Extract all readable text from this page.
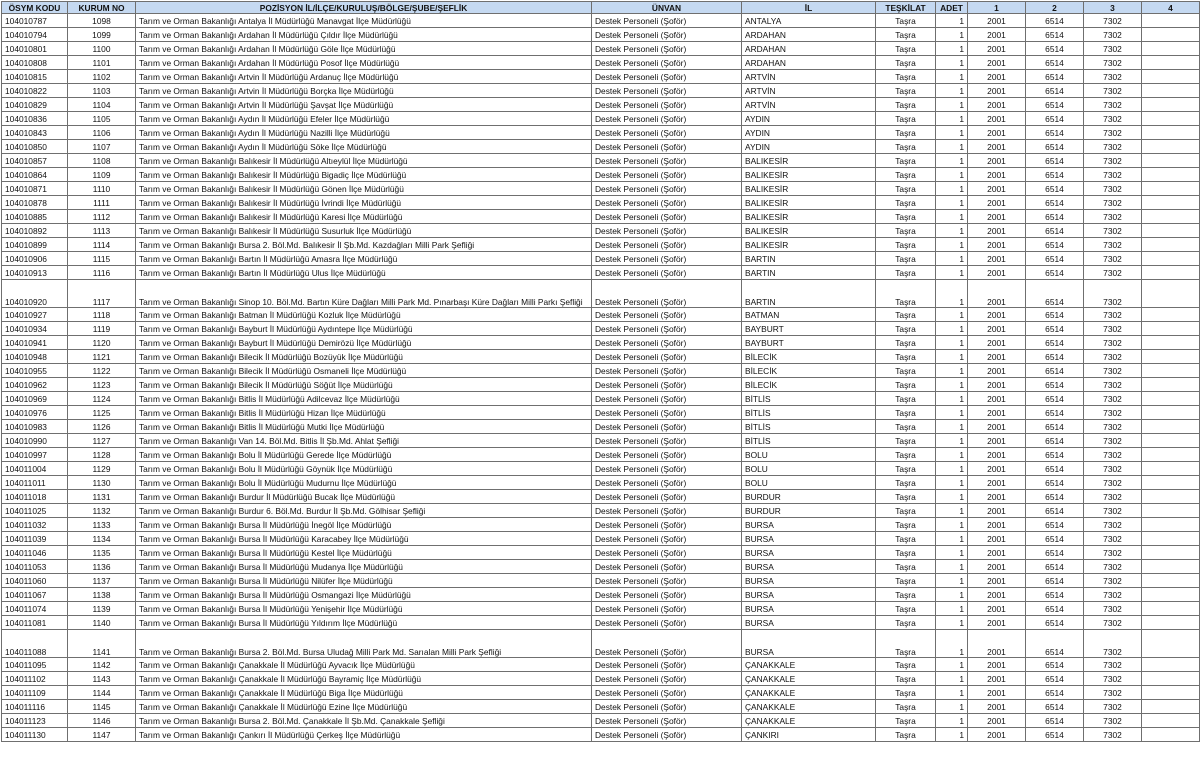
ÖSYM KODU	KURUM NO	POZİSYON İL/İLÇE/KURULUŞ/BÖLGE/ŞUBE/ŞEFLİK	ÜNVAN	İL	TEŞKİLAT	ADET	1	2	3	4
104010787	1098	Tarım ve Orman Bakanlığı Antalya İl Müdürlüğü Manavgat İlçe Müdürlüğü	Destek Personeli (Şoför)	ANTALYA	Taşra	1	2001	6514	7302	
104010794	1099	Tarım ve Orman Bakanlığı Ardahan İl Müdürlüğü Çıldır İlçe Müdürlüğü	Destek Personeli (Şoför)	ARDAHAN	Taşra	1	2001	6514	7302	
104010801	1100	Tarım ve Orman Bakanlığı Ardahan İl Müdürlüğü Göle İlçe Müdürlüğü	Destek Personeli (Şoför)	ARDAHAN	Taşra	1	2001	6514	7302	
104010808	1101	Tarım ve Orman Bakanlığı Ardahan İl Müdürlüğü Posof İlçe Müdürlüğü	Destek Personeli (Şoför)	ARDAHAN	Taşra	1	2001	6514	7302	
104010815	1102	Tarım ve Orman Bakanlığı Artvin İl Müdürlüğü Ardanuç İlçe Müdürlüğü	Destek Personeli (Şoför)	ARTVİN	Taşra	1	2001	6514	7302	
104010822	1103	Tarım ve Orman Bakanlığı Artvin İl Müdürlüğü Borçka İlçe Müdürlüğü	Destek Personeli (Şoför)	ARTVİN	Taşra	1	2001	6514	7302	
104010829	1104	Tarım ve Orman Bakanlığı Artvin İl Müdürlüğü Şavşat İlçe Müdürlüğü	Destek Personeli (Şoför)	ARTVİN	Taşra	1	2001	6514	7302	
104010836	1105	Tarım ve Orman Bakanlığı Aydın İl Müdürlüğü Efeler İlçe Müdürlüğü	Destek Personeli (Şoför)	AYDIN	Taşra	1	2001	6514	7302	
104010843	1106	Tarım ve Orman Bakanlığı Aydın İl Müdürlüğü Nazilli İlçe Müdürlüğü	Destek Personeli (Şoför)	AYDIN	Taşra	1	2001	6514	7302	
104010850	1107	Tarım ve Orman Bakanlığı Aydın İl Müdürlüğü Söke İlçe Müdürlüğü	Destek Personeli (Şoför)	AYDIN	Taşra	1	2001	6514	7302	
104010857	1108	Tarım ve Orman Bakanlığı Balıkesir İl Müdürlüğü Altıeylül İlçe Müdürlüğü	Destek Personeli (Şoför)	BALIKESİR	Taşra	1	2001	6514	7302	
104010864	1109	Tarım ve Orman Bakanlığı Balıkesir İl Müdürlüğü Bigadiç İlçe Müdürlüğü	Destek Personeli (Şoför)	BALIKESİR	Taşra	1	2001	6514	7302	
104010871	1110	Tarım ve Orman Bakanlığı Balıkesir İl Müdürlüğü Gönen İlçe Müdürlüğü	Destek Personeli (Şoför)	BALIKESİR	Taşra	1	2001	6514	7302	
104010878	1111	Tarım ve Orman Bakanlığı Balıkesir İl Müdürlüğü İvrindi İlçe Müdürlüğü	Destek Personeli (Şoför)	BALIKESİR	Taşra	1	2001	6514	7302	
104010885	1112	Tarım ve Orman Bakanlığı Balıkesir İl Müdürlüğü Karesi İlçe Müdürlüğü	Destek Personeli (Şoför)	BALIKESİR	Taşra	1	2001	6514	7302	
104010892	1113	Tarım ve Orman Bakanlığı Balıkesir İl Müdürlüğü Susurluk İlçe Müdürlüğü	Destek Personeli (Şoför)	BALIKESİR	Taşra	1	2001	6514	7302	
104010899	1114	Tarım ve Orman Bakanlığı Bursa 2. Böl.Md. Balıkesir İl Şb.Md. Kazdağları Milli Park Şefliği	Destek Personeli (Şoför)	BALIKESİR	Taşra	1	2001	6514	7302	
104010906	1115	Tarım ve Orman Bakanlığı Bartın İl Müdürlüğü Amasra İlçe Müdürlüğü	Destek Personeli (Şoför)	BARTIN	Taşra	1	2001	6514	7302	
104010913	1116	Tarım ve Orman Bakanlığı Bartın İl Müdürlüğü Ulus İlçe Müdürlüğü	Destek Personeli (Şoför)	BARTIN	Taşra	1	2001	6514	7302	
104010920	1117	Tarım ve Orman Bakanlığı Sinop 10. Böl.Md. Bartın Küre Dağları Milli Park Md. Pınarbaşı Küre Dağları Milli Parkı Şefliği	Destek Personeli (Şoför)	BARTIN	Taşra	1	2001	6514	7302	
104010927	1118	Tarım ve Orman Bakanlığı Batman İl Müdürlüğü Kozluk İlçe Müdürlüğü	Destek Personeli (Şoför)	BATMAN	Taşra	1	2001	6514	7302	
104010934	1119	Tarım ve Orman Bakanlığı Bayburt İl Müdürlüğü Aydıntepe İlçe Müdürlüğü	Destek Personeli (Şoför)	BAYBURT	Taşra	1	2001	6514	7302	
104010941	1120	Tarım ve Orman Bakanlığı Bayburt İl Müdürlüğü Demirözü İlçe Müdürlüğü	Destek Personeli (Şoför)	BAYBURT	Taşra	1	2001	6514	7302	
104010948	1121	Tarım ve Orman Bakanlığı Bilecik İl Müdürlüğü Bozüyük İlçe Müdürlüğü	Destek Personeli (Şoför)	BİLECİK	Taşra	1	2001	6514	7302	
104010955	1122	Tarım ve Orman Bakanlığı Bilecik İl Müdürlüğü Osmaneli İlçe Müdürlüğü	Destek Personeli (Şoför)	BİLECİK	Taşra	1	2001	6514	7302	
104010962	1123	Tarım ve Orman Bakanlığı Bilecik İl Müdürlüğü Söğüt İlçe Müdürlüğü	Destek Personeli (Şoför)	BİLECİK	Taşra	1	2001	6514	7302	
104010969	1124	Tarım ve Orman Bakanlığı Bitlis İl Müdürlüğü Adilcevaz İlçe Müdürlüğü	Destek Personeli (Şoför)	BİTLİS	Taşra	1	2001	6514	7302	
104010976	1125	Tarım ve Orman Bakanlığı Bitlis İl Müdürlüğü Hizan İlçe Müdürlüğü	Destek Personeli (Şoför)	BİTLİS	Taşra	1	2001	6514	7302	
104010983	1126	Tarım ve Orman Bakanlığı Bitlis İl Müdürlüğü Mutki İlçe Müdürlüğü	Destek Personeli (Şoför)	BİTLİS	Taşra	1	2001	6514	7302	
104010990	1127	Tarım ve Orman Bakanlığı Van 14. Böl.Md. Bitlis İl Şb.Md. Ahlat Şefliği	Destek Personeli (Şoför)	BİTLİS	Taşra	1	2001	6514	7302	
104010997	1128	Tarım ve Orman Bakanlığı Bolu İl Müdürlüğü Gerede İlçe Müdürlüğü	Destek Personeli (Şoför)	BOLU	Taşra	1	2001	6514	7302	
104011004	1129	Tarım ve Orman Bakanlığı Bolu İl Müdürlüğü Göynük İlçe Müdürlüğü	Destek Personeli (Şoför)	BOLU	Taşra	1	2001	6514	7302	
104011011	1130	Tarım ve Orman Bakanlığı Bolu İl Müdürlüğü Mudurnu İlçe Müdürlüğü	Destek Personeli (Şoför)	BOLU	Taşra	1	2001	6514	7302	
104011018	1131	Tarım ve Orman Bakanlığı Burdur İl Müdürlüğü Bucak İlçe Müdürlüğü	Destek Personeli (Şoför)	BURDUR	Taşra	1	2001	6514	7302	
104011025	1132	Tarım ve Orman Bakanlığı Burdur 6. Böl.Md. Burdur İl Şb.Md. Gölhisar Şefliği	Destek Personeli (Şoför)	BURDUR	Taşra	1	2001	6514	7302	
104011032	1133	Tarım ve Orman Bakanlığı Bursa İl Müdürlüğü İnegöl İlçe Müdürlüğü	Destek Personeli (Şoför)	BURSA	Taşra	1	2001	6514	7302	
104011039	1134	Tarım ve Orman Bakanlığı Bursa İl Müdürlüğü Karacabey İlçe Müdürlüğü	Destek Personeli (Şoför)	BURSA	Taşra	1	2001	6514	7302	
104011046	1135	Tarım ve Orman Bakanlığı Bursa İl Müdürlüğü Kestel İlçe Müdürlüğü	Destek Personeli (Şoför)	BURSA	Taşra	1	2001	6514	7302	
104011053	1136	Tarım ve Orman Bakanlığı Bursa İl Müdürlüğü Mudanya İlçe Müdürlüğü	Destek Personeli (Şoför)	BURSA	Taşra	1	2001	6514	7302	
104011060	1137	Tarım ve Orman Bakanlığı Bursa İl Müdürlüğü Nilüfer İlçe Müdürlüğü	Destek Personeli (Şoför)	BURSA	Taşra	1	2001	6514	7302	
104011067	1138	Tarım ve Orman Bakanlığı Bursa İl Müdürlüğü Osmangazi İlçe Müdürlüğü	Destek Personeli (Şoför)	BURSA	Taşra	1	2001	6514	7302	
104011074	1139	Tarım ve Orman Bakanlığı Bursa İl Müdürlüğü Yenişehir İlçe Müdürlüğü	Destek Personeli (Şoför)	BURSA	Taşra	1	2001	6514	7302	
104011081	1140	Tarım ve Orman Bakanlığı Bursa İl Müdürlüğü Yıldırım İlçe Müdürlüğü	Destek Personeli (Şoför)	BURSA	Taşra	1	2001	6514	7302	
104011088	1141	Tarım ve Orman Bakanlığı Bursa 2. Böl.Md. Bursa Uludağ Milli Park Md. Sarıalan Milli Park Şefliği	Destek Personeli (Şoför)	BURSA	Taşra	1	2001	6514	7302	
104011095	1142	Tarım ve Orman Bakanlığı Çanakkale İl Müdürlüğü Ayvacık İlçe Müdürlüğü	Destek Personeli (Şoför)	ÇANAKKALE	Taşra	1	2001	6514	7302	
104011102	1143	Tarım ve Orman Bakanlığı Çanakkale İl Müdürlüğü Bayramiç İlçe Müdürlüğü	Destek Personeli (Şoför)	ÇANAKKALE	Taşra	1	2001	6514	7302	
104011109	1144	Tarım ve Orman Bakanlığı Çanakkale İl Müdürlüğü Biga İlçe Müdürlüğü	Destek Personeli (Şoför)	ÇANAKKALE	Taşra	1	2001	6514	7302	
104011116	1145	Tarım ve Orman Bakanlığı Çanakkale İl Müdürlüğü Ezine İlçe Müdürlüğü	Destek Personeli (Şoför)	ÇANAKKALE	Taşra	1	2001	6514	7302	
104011123	1146	Tarım ve Orman Bakanlığı Bursa 2. Böl.Md. Çanakkale İl Şb.Md. Çanakkale Şefliği	Destek Personeli (Şoför)	ÇANAKKALE	Taşra	1	2001	6514	7302	
104011130	1147	Tarım ve Orman Bakanlığı Çankırı İl Müdürlüğü Çerkeş İlçe Müdürlüğü	Destek Personeli (Şoför)	ÇANKIRI	Taşra	1	2001	6514	7302	
